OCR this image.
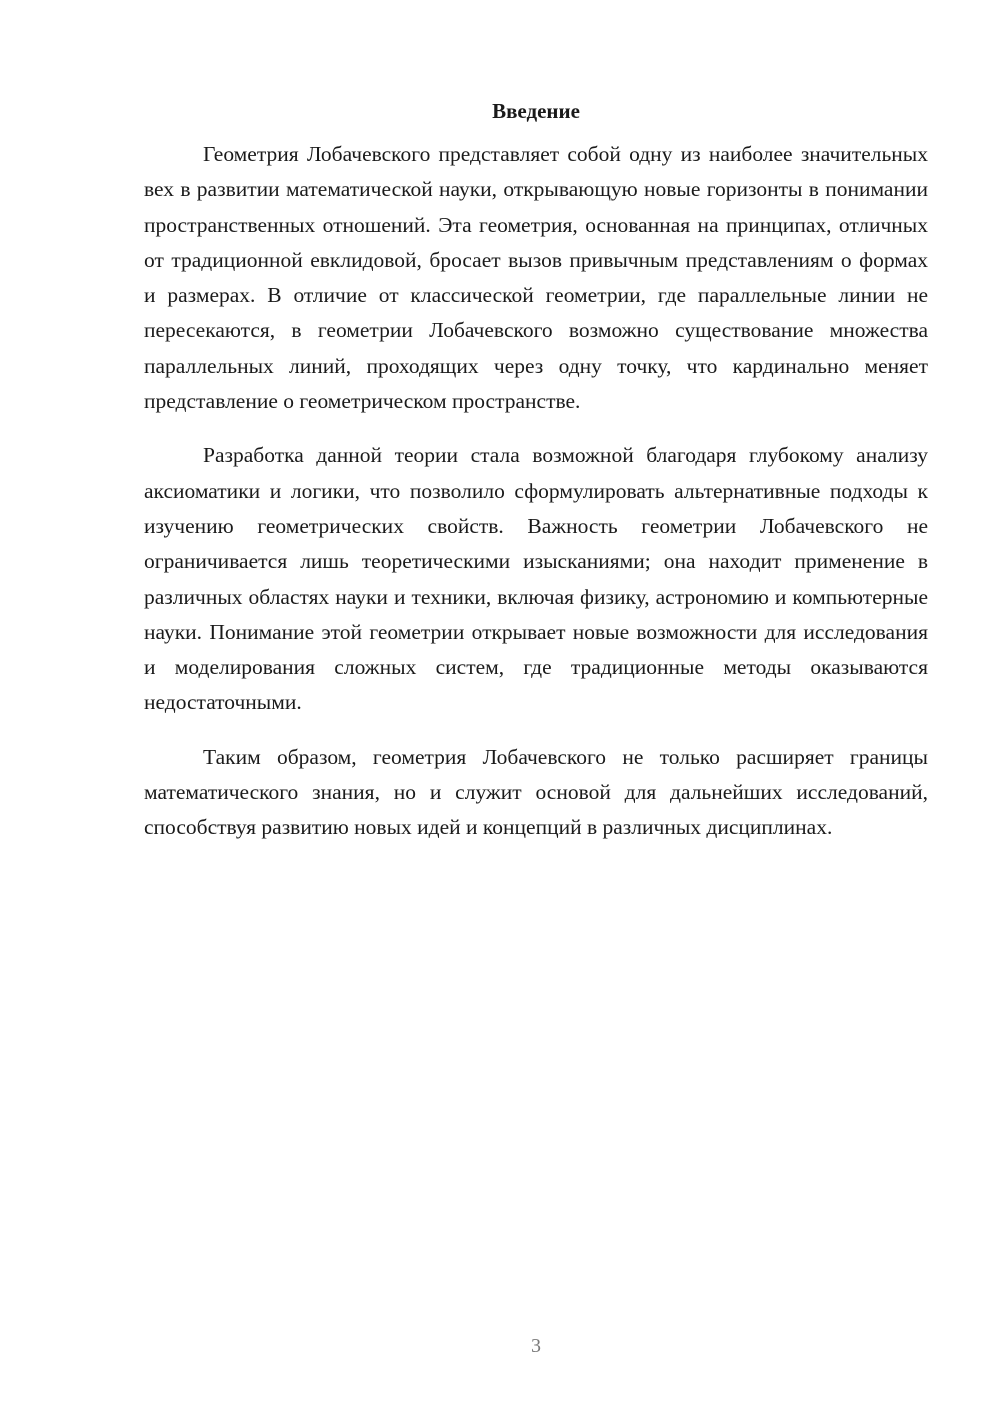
Введение

Геометрия Лобачевского представляет собой одну из наиболее значительных вех в развитии математической науки, открывающую новые горизонты в понимании пространственных отношений. Эта геометрия, основанная на принципах, отличных от традиционной евклидовой, бросает вызов привычным представлениям о формах и размерах. В отличие от классической геометрии, где параллельные линии не пересекаются, в геометрии Лобачевского возможно существование множества параллельных линий, проходящих через одну точку, что кардинально меняет представление о геометрическом пространстве.

Разработка данной теории стала возможной благодаря глубокому анализу аксиоматики и логики, что позволило сформулировать альтернативные подходы к изучению геометрических свойств. Важность геометрии Лобачевского не ограничивается лишь теоретическими изысканиями; она находит применение в различных областях науки и техники, включая физику, астрономию и компьютерные науки. Понимание этой геометрии открывает новые возможности для исследования и моделирования сложных систем, где традиционные методы оказываются недостаточными.

Таким образом, геометрия Лобачевского не только расширяет границы математического знания, но и служит основой для дальнейших исследований, способствуя развитию новых идей и концепций в различных дисциплинах.

3
